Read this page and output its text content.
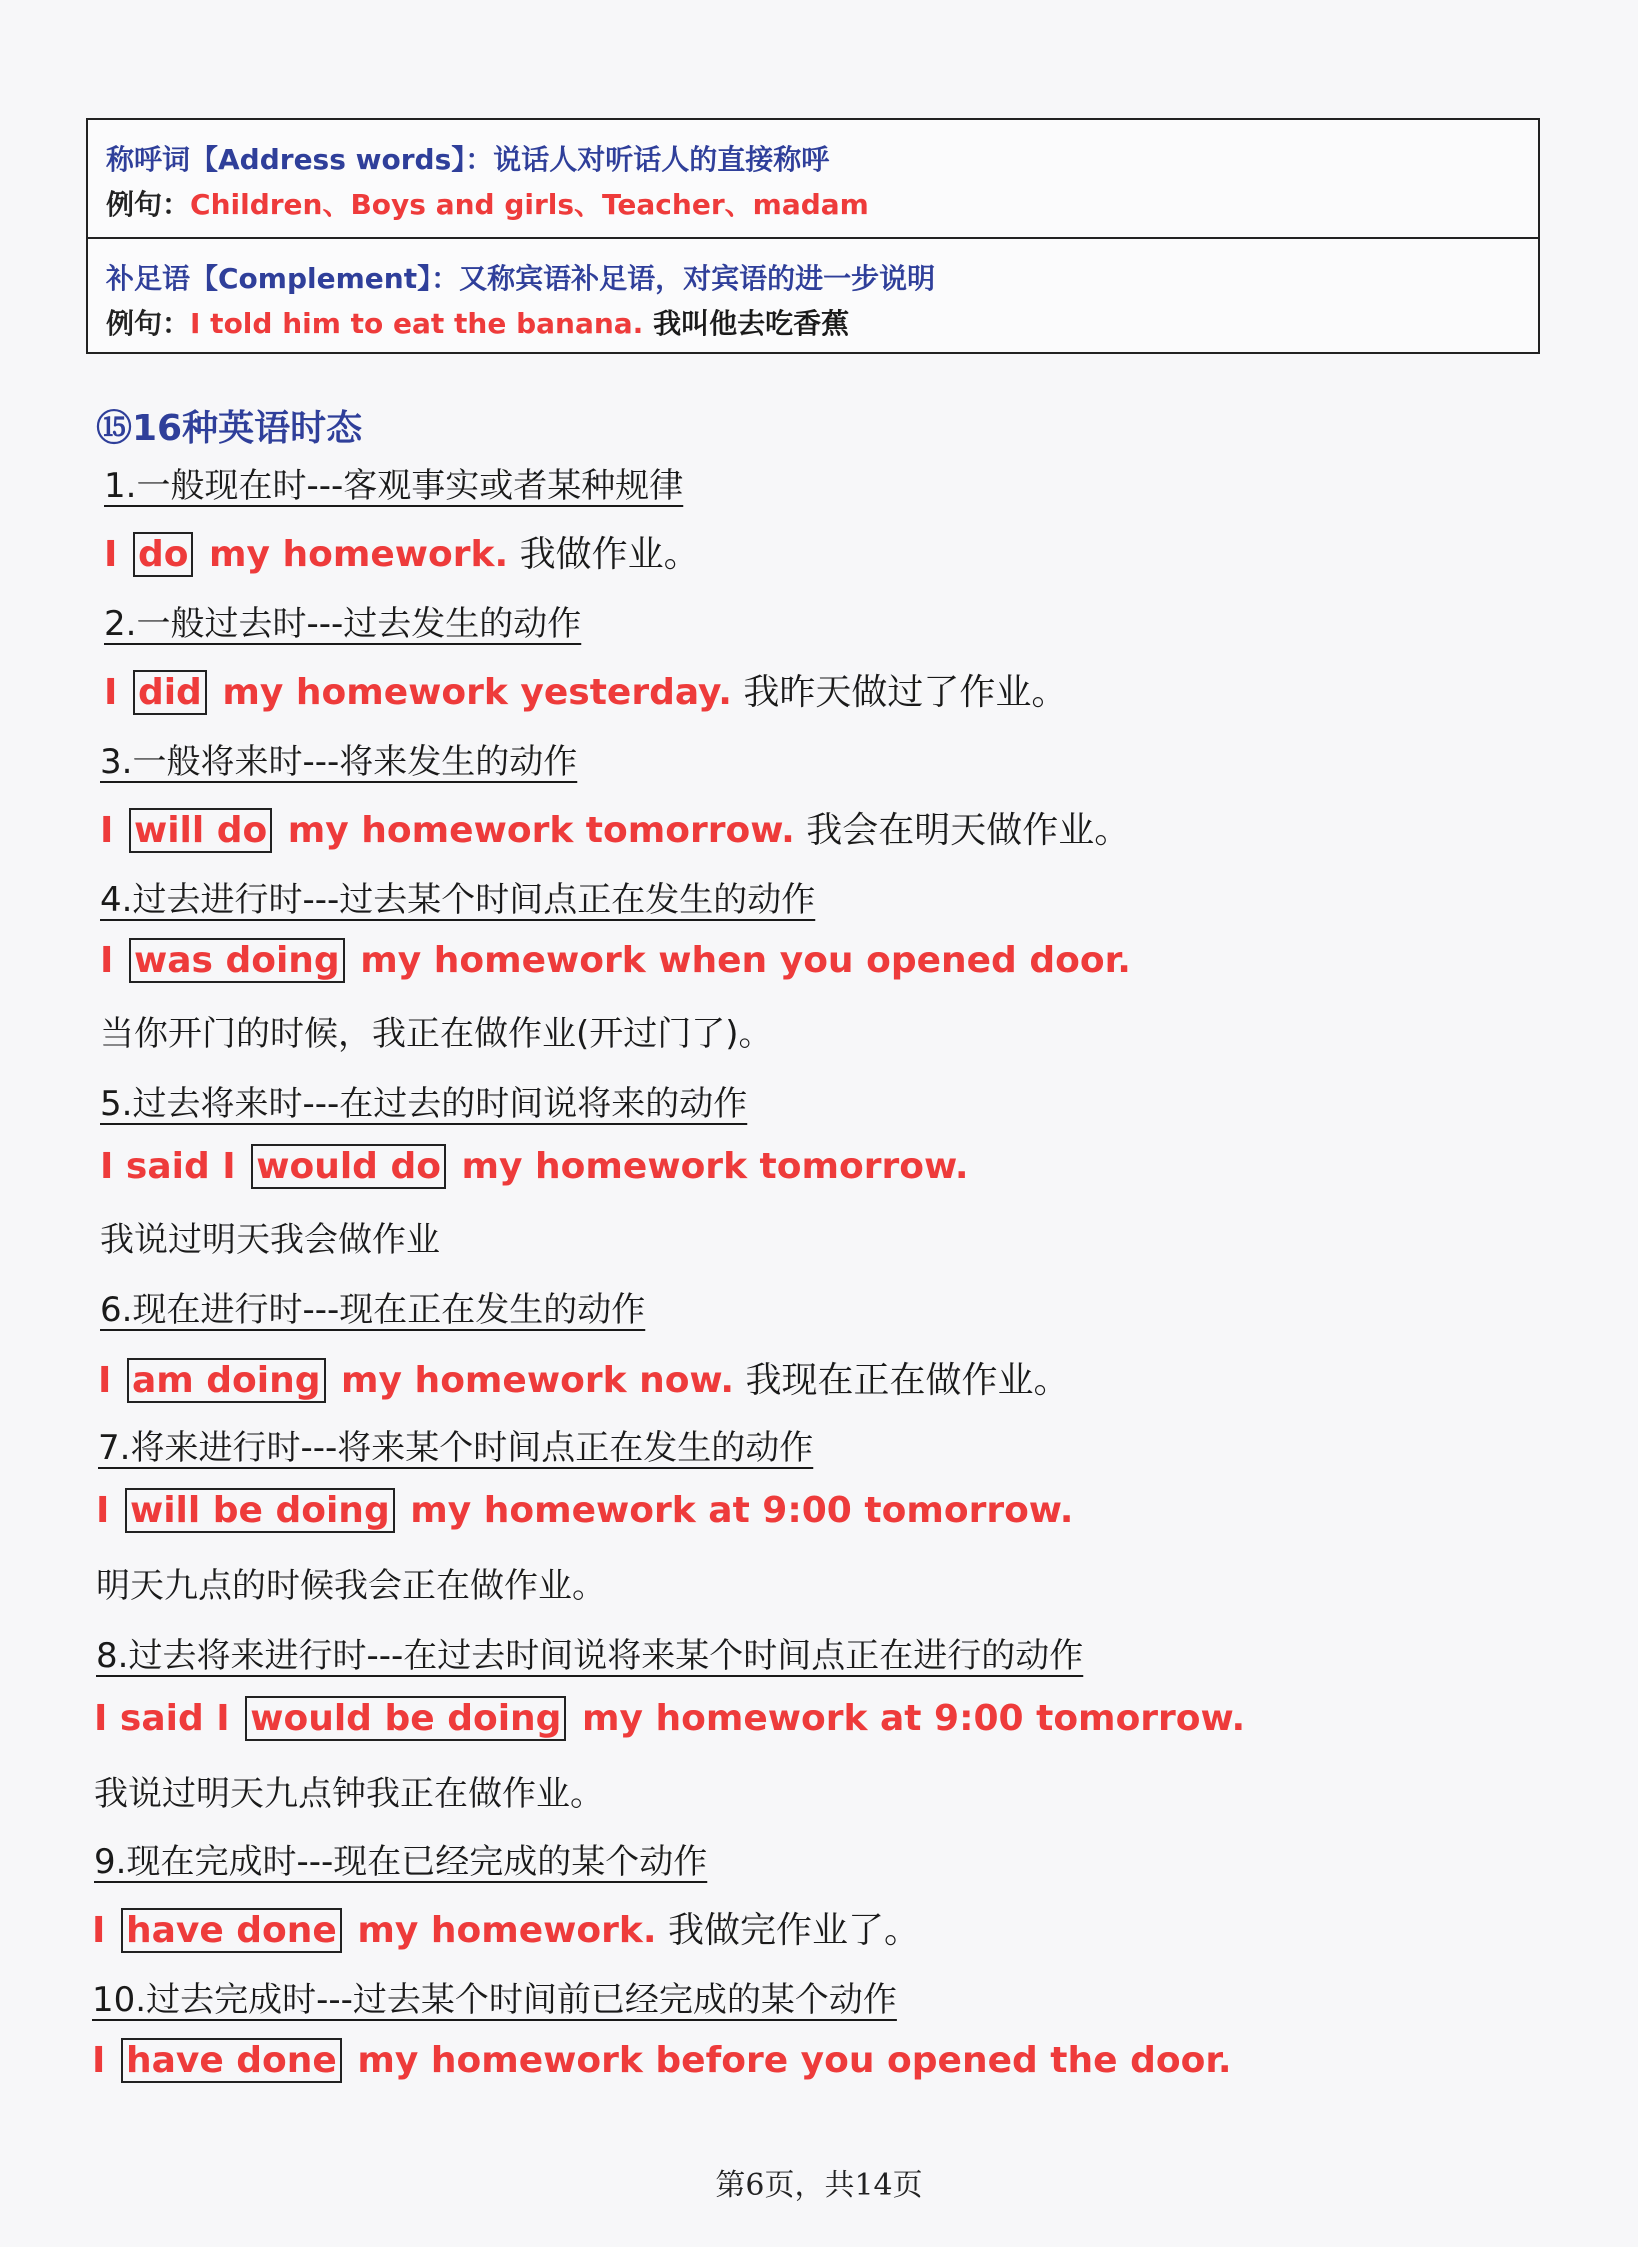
称呼词【Address words】：说话人对听话人的直接称呼
例句：Children、Boys and girls、Teacher、madam
补足语【Complement】：又称宾语补足语，对宾语的进一步说明
例句：I told him to eat the banana. 我叫他去吃香蕉
⑮16种英语时态
1.一般现在时---客观事实或者某种规律
I do my homework. 我做作业。
2.一般过去时---过去发生的动作
I did my homework yesterday. 我昨天做过了作业。
3.一般将来时---将来发生的动作
I will do my homework tomorrow. 我会在明天做作业。
4.过去进行时---过去某个时间点正在发生的动作
I was doing my homework when you opened door.
当你开门的时候，我正在做作业(开过门了)。
5.过去将来时---在过去的时间说将来的动作
I said I would do my homework tomorrow.
我说过明天我会做作业
6.现在进行时---现在正在发生的动作
I am doing my homework now. 我现在正在做作业。
7.将来进行时---将来某个时间点正在发生的动作
I will be doing my homework at 9:00 tomorrow.
明天九点的时候我会正在做作业。
8.过去将来进行时---在过去时间说将来某个时间点正在进行的动作
I said I would be doing my homework at 9:00 tomorrow.
我说过明天九点钟我正在做作业。
9.现在完成时---现在已经完成的某个动作
I have done my homework. 我做完作业了。
10.过去完成时---过去某个时间前已经完成的某个动作
I have done my homework before you opened the door.
第6页，共14页
